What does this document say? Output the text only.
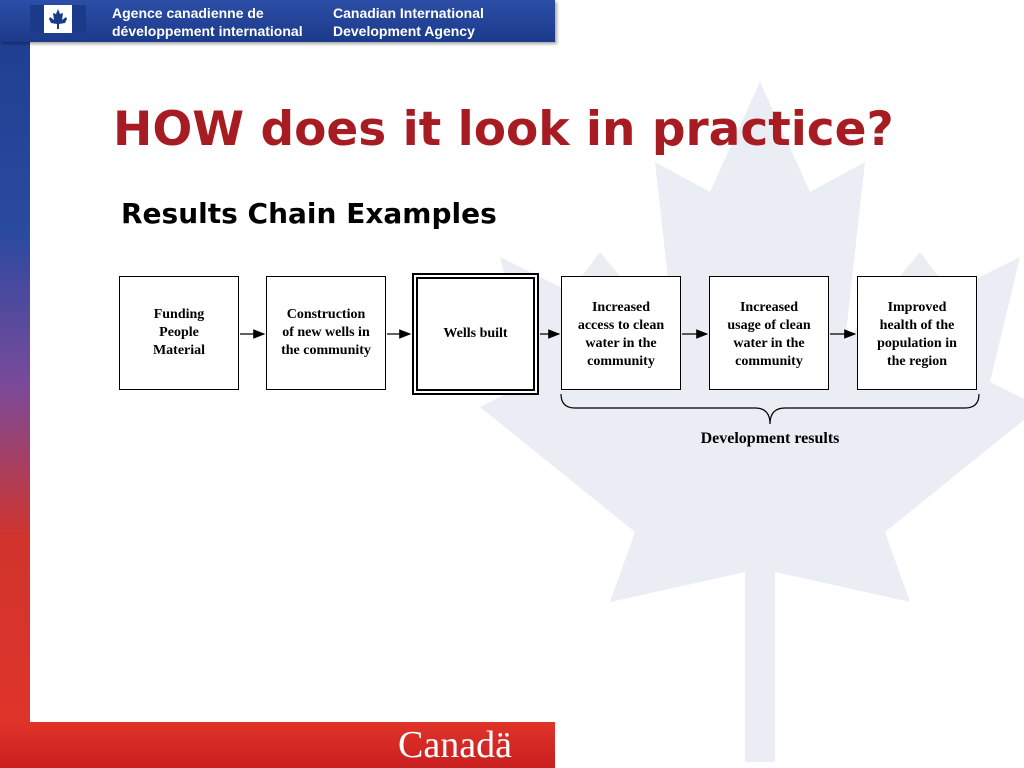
Agence canadienne de
développement international
Canadian International
Development Agency
HOW does it look in practice?
Results Chain Examples
Funding
People
Material
Construction
of new wells in
the community
Wells built
Increased
access to clean
water in the
community
Increased
usage of clean
water in the
community
Improved
health of the
population in
the region
Development results
Canadä
